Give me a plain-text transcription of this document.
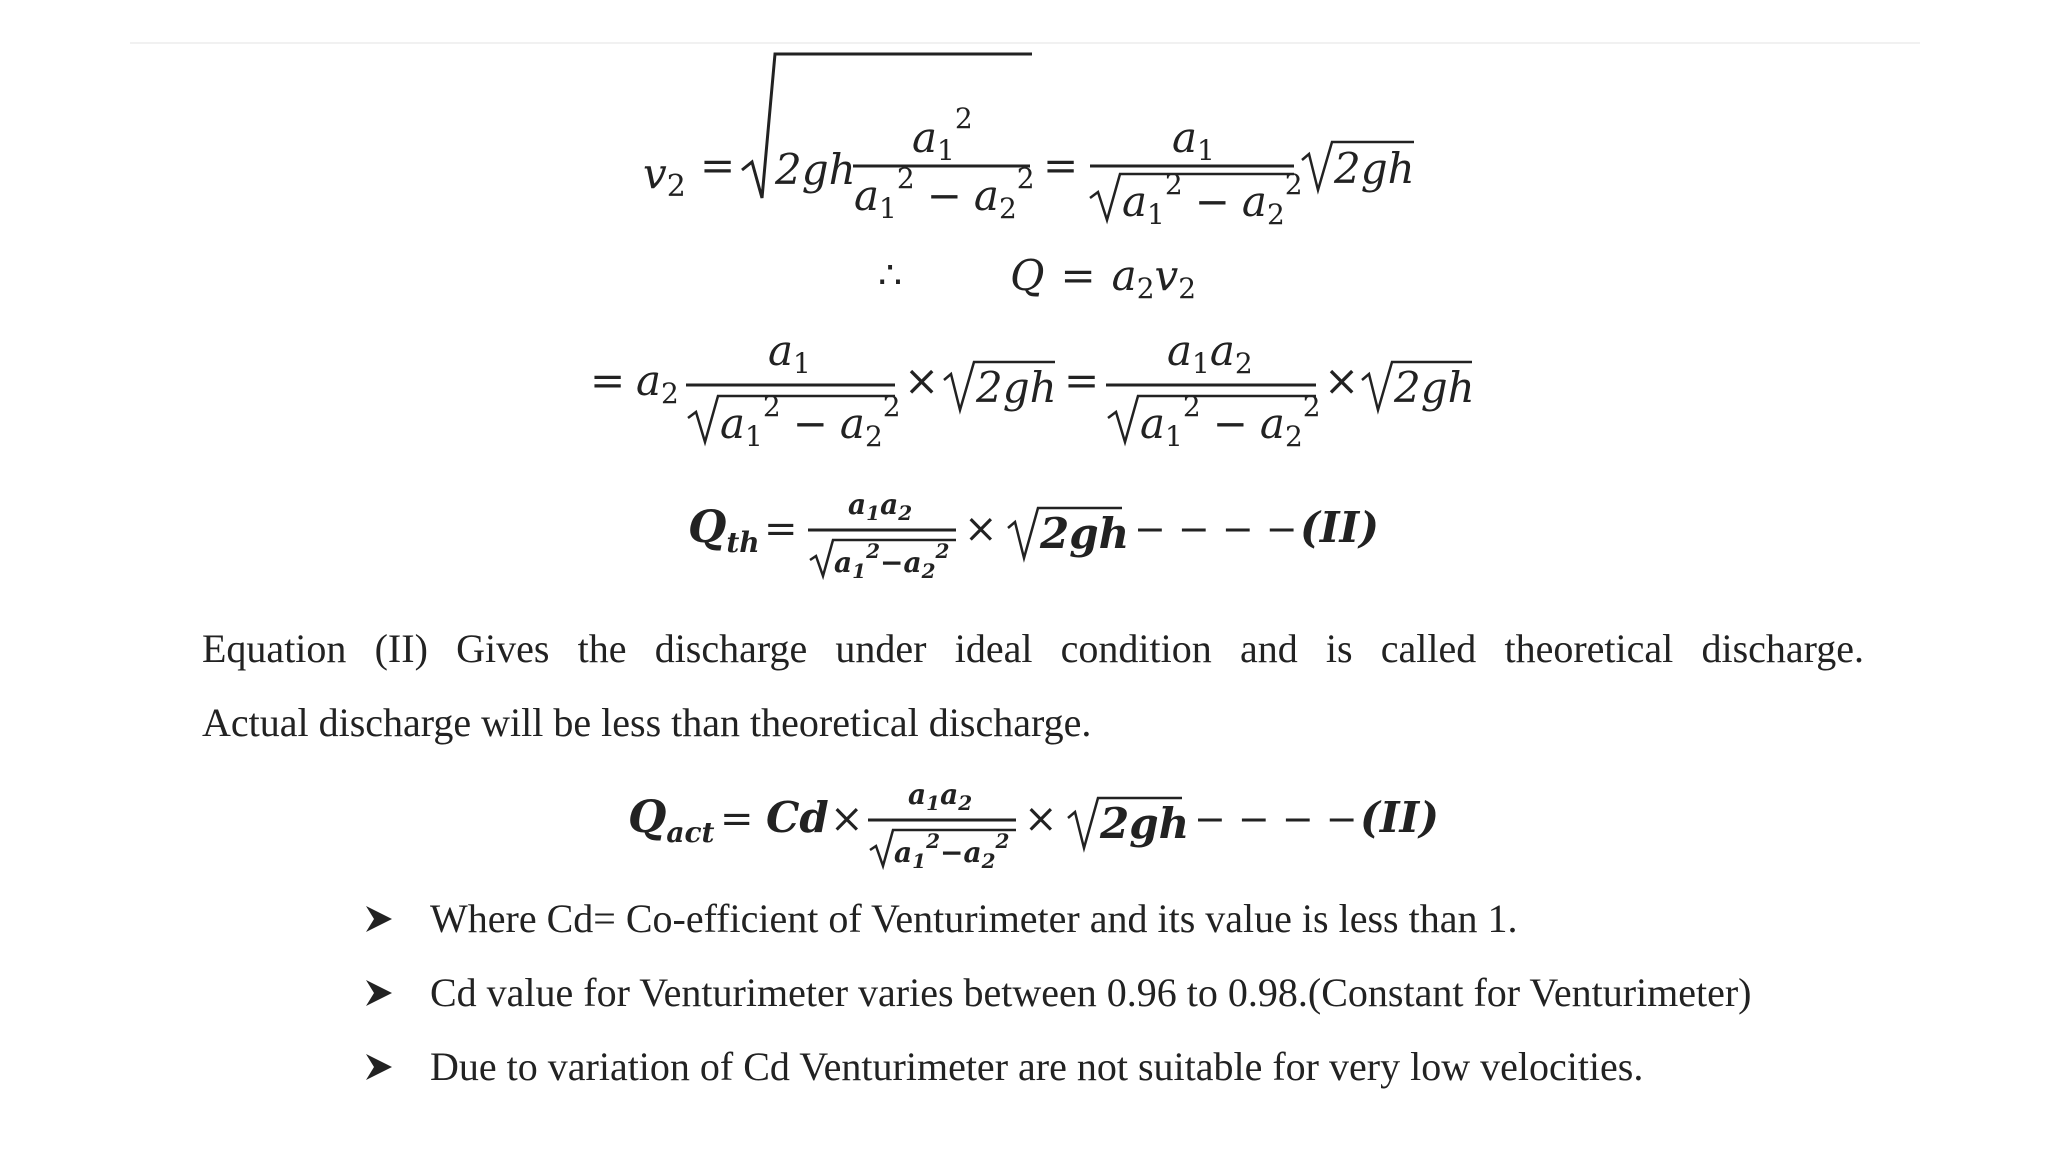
v2 = 2gh
$a1^2$
$a1^2 - a2^2$ =
a1
$a1^2 - a2^2$ 2gh
∴	Q = a2v2
= a2
a1
$a1^2 - a2^2$
× 2gh =
a1a2
$a1^2 - a2^2$
× 2gh
$Q_{th}$ =
$a_1a_2$
$a_1^2-a_2^2 \times 2gh$ − − − − (II)
Equation (II) Gives the discharge under ideal condition and is called theoretical discharge.
Actual discharge will be less than theoretical discharge.
$Q_{act} = Cd$ ×
$a_1a_2$
$a_1^2-a_2^2 \times 2gh$ − − − − (II)
Where Cd= Co-efficient of Venturimeter and its value is less than 1.
Cd value for Venturimeter varies between 0.96 to 0.98.(Constant for Venturimeter)
Due to variation of Cd Venturimeter are not suitable for very low velocities.
